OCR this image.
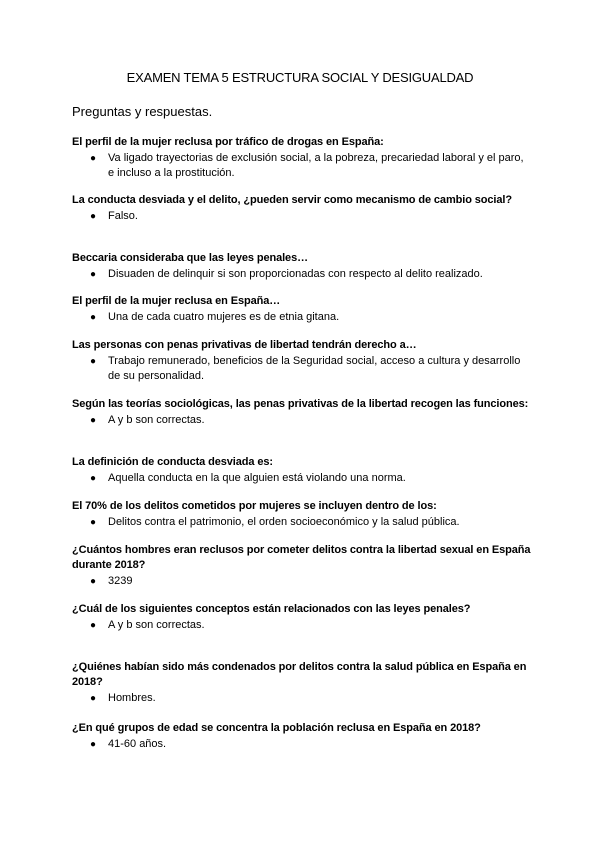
EXAMEN TEMA 5 ESTRUCTURA SOCIAL Y DESIGUALDAD
Preguntas y respuestas.

El perfil de la mujer reclusa por tráfico de drogas en España:

● Va ligado trayectorias de exclusión social, a la pobreza, precariedad laboral y el paro, e incluso a la prostitución.

La conducta desviada y el delito, ¿pueden servir como mecanismo de cambio social?

● Falso.

Beccaria consideraba que las leyes penales…

● Disuaden de delinquir si son proporcionadas con respecto al delito realizado.

El perfil de la mujer reclusa en España…

● Una de cada cuatro mujeres es de etnia gitana.

Las personas con penas privativas de libertad tendrán derecho a…

● Trabajo remunerado, beneficios de la Seguridad social, acceso a cultura y desarrollo de su personalidad.

Según las teorías sociológicas, las penas privativas de la libertad recogen las funciones:

● A y b son correctas.

La definición de conducta desviada es:

● Aquella conducta en la que alguien está violando una norma.

El 70% de los delitos cometidos por mujeres se incluyen dentro de los:

● Delitos contra el patrimonio, el orden socioeconómico y la salud pública.

¿Cuántos hombres eran reclusos por cometer delitos contra la libertad sexual en España durante 2018?

● 3239

¿Cuál de los siguientes conceptos están relacionados con las leyes penales?

● A y b son correctas.

¿Quiénes habían sido más condenados por delitos contra la salud pública en España en 2018?

● Hombres.

¿En qué grupos de edad se concentra la población reclusa en España en 2018?

● 41-60 años.
